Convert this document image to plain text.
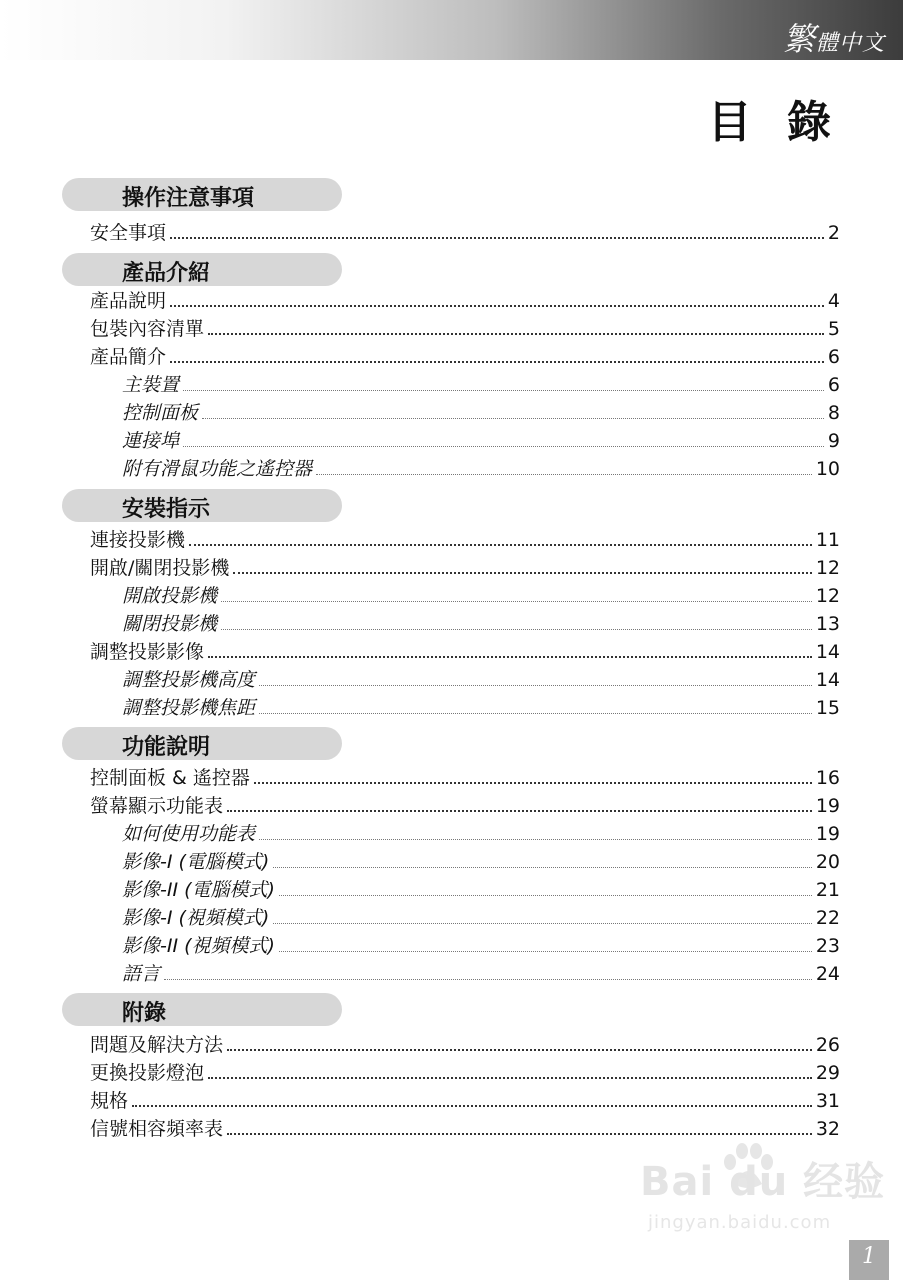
繁體中文
目 錄
操作注意事項
安全事項	2
產品介紹
產品說明	4
包裝內容清單	5
產品簡介	6
主裝置	6
控制面板	8
連接埠	9
附有滑鼠功能之遙控器	10
安裝指示
連接投影機	11
開啟/關閉投影機	12
開啟投影機	12
關閉投影機	13
調整投影影像	14
調整投影機高度	14
調整投影機焦距	15
功能說明
控制面板 & 遙控器	16
螢幕顯示功能表	19
如何使用功能表	19
影像-I (電腦模式)	20
影像-II (電腦模式)	21
影像-I (視頻模式)	22
影像-II (視頻模式)	23
語言	24
附錄
問題及解決方法	26
更換投影燈泡	29
規格	31
信號相容頻率表	32
Bai du 经验
jingyan.baidu.com
1
